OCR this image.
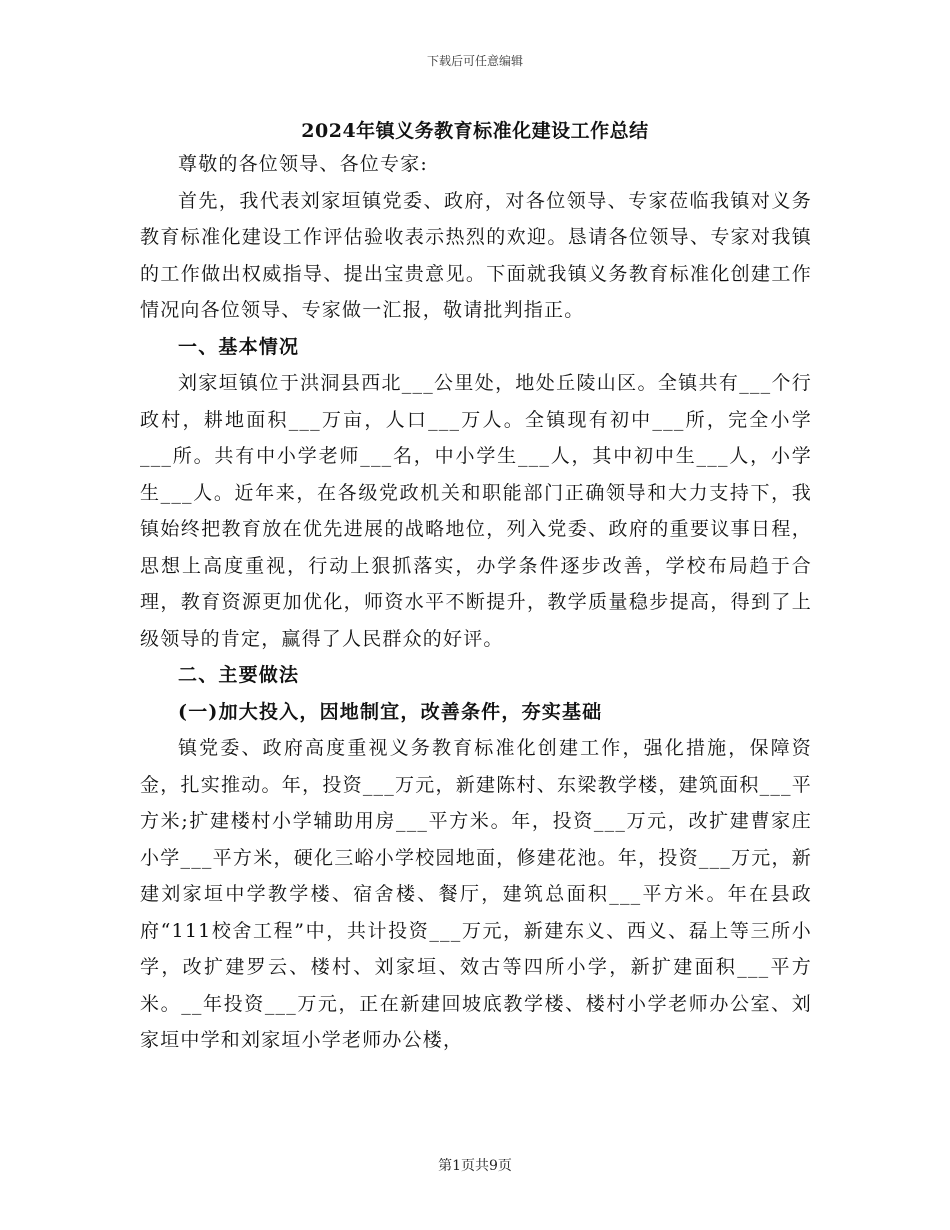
下载后可任意编辑
2024年镇义务教育标准化建设工作总结

尊敬的各位领导、各位专家:

首先，我代表刘家垣镇党委、政府，对各位领导、专家莅临我镇对义务教育标准化建设工作评估验收表示热烈的欢迎。恳请各位领导、专家对我镇的工作做出权威指导、提出宝贵意见。下面就我镇义务教育标准化创建工作情况向各位领导、专家做一汇报，敬请批判指正。

一、基本情况

刘家垣镇位于洪洞县西北___公里处，地处丘陵山区。全镇共有___个行政村，耕地面积___万亩，人口___万人。全镇现有初中___所，完全小学___所。共有中小学老师___名，中小学生___人，其中初中生___人，小学生___人。近年来，在各级党政机关和职能部门正确领导和大力支持下，我镇始终把教育放在优先进展的战略地位，列入党委、政府的重要议事日程，思想上高度重视，行动上狠抓落实，办学条件逐步改善，学校布局趋于合理，教育资源更加优化，师资水平不断提升，教学质量稳步提高，得到了上级领导的肯定，赢得了人民群众的好评。

二、主要做法

(一)加大投入，因地制宜，改善条件，夯实基础

镇党委、政府高度重视义务教育标准化创建工作，强化措施，保障资金，扎实推动。年，投资___万元，新建陈村、东梁教学楼，建筑面积___平方米;扩建楼村小学辅助用房___平方米。年，投资___万元，改扩建曹家庄小学___平方米，硬化三峪小学校园地面，修建花池。年，投资___万元，新建刘家垣中学教学楼、宿舍楼、餐厅，建筑总面积___平方米。年在县政府“111校舍工程”中，共计投资___万元，新建东义、西义、磊上等三所小学，改扩建罗云、楼村、刘家垣、效古等四所小学，新扩建面积___平方米。__年投资___万元，正在新建回坡底教学楼、楼村小学老师办公室、刘家垣中学和刘家垣小学老师办公楼，

第1页共9页
